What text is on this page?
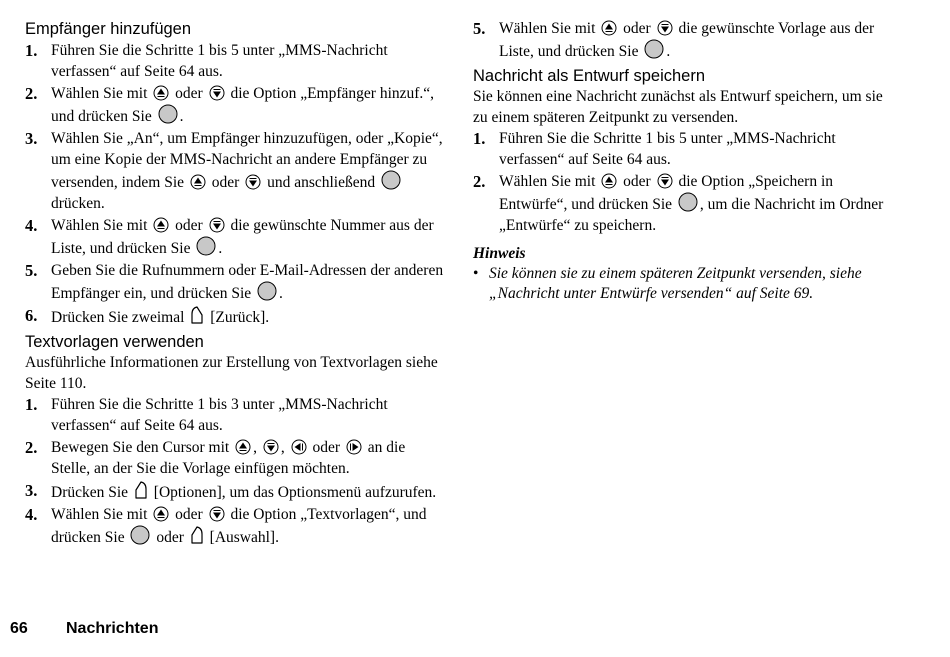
Empfänger hinzufügen
1. Führen Sie die Schritte 1 bis 5 unter „MMS-Nachricht verfassen“ auf Seite 64 aus.
2. Wählen Sie mit
oder
die Option „Empfänger hinzuf.“, und drücken Sie
.
3. Wählen Sie „An“, um Empfänger hinzuzufügen, oder „Kopie“, um eine Kopie der MMS-Nachricht an andere Empfänger zu versenden, indem Sie
oder
und anschließend
drücken.
4. Wählen Sie mit
oder
die gewünschte Nummer aus der Liste, und drücken Sie
.
5. Geben Sie die Rufnummern oder E-Mail-Adressen der anderen Empfänger ein, und drücken Sie
.
6. Drücken Sie zweimal
[Zurück].
Textvorlagen verwenden

Ausführliche Informationen zur Erstellung von Textvorlagen siehe Seite 110.

1. Führen Sie die Schritte 1 bis 3 unter „MMS-Nachricht verfassen“ auf Seite 64 aus.
2. Bewegen Sie den Cursor mit
,
,
oder
an die Stelle, an der Sie die Vorlage einfügen möchten.
3. Drücken Sie
[Optionen], um das Optionsmenü aufzurufen.
4. Wählen Sie mit
oder
die Option „Textvorlagen“, und drücken Sie
oder
[Auswahl].
5. Wählen Sie mit
oder
die gewünschte Vorlage aus der Liste, und drücken Sie
.
Nachricht als Entwurf speichern

Sie können eine Nachricht zunächst als Entwurf speichern, um sie zu einem späteren Zeitpunkt zu versenden.

1. Führen Sie die Schritte 1 bis 5 unter „MMS-Nachricht verfassen“ auf Seite 64 aus.
2. Wählen Sie mit
oder
die Option „Speichern in Entwürfe“, und drücken Sie
, um die Nachricht im Ordner „Entwürfe“ zu speichern.
Hinweis
• Sie können sie zu einem späteren Zeitpunkt versenden, siehe „Nachricht unter Entwürfe versenden“ auf Seite 69.
66 Nachrichten
